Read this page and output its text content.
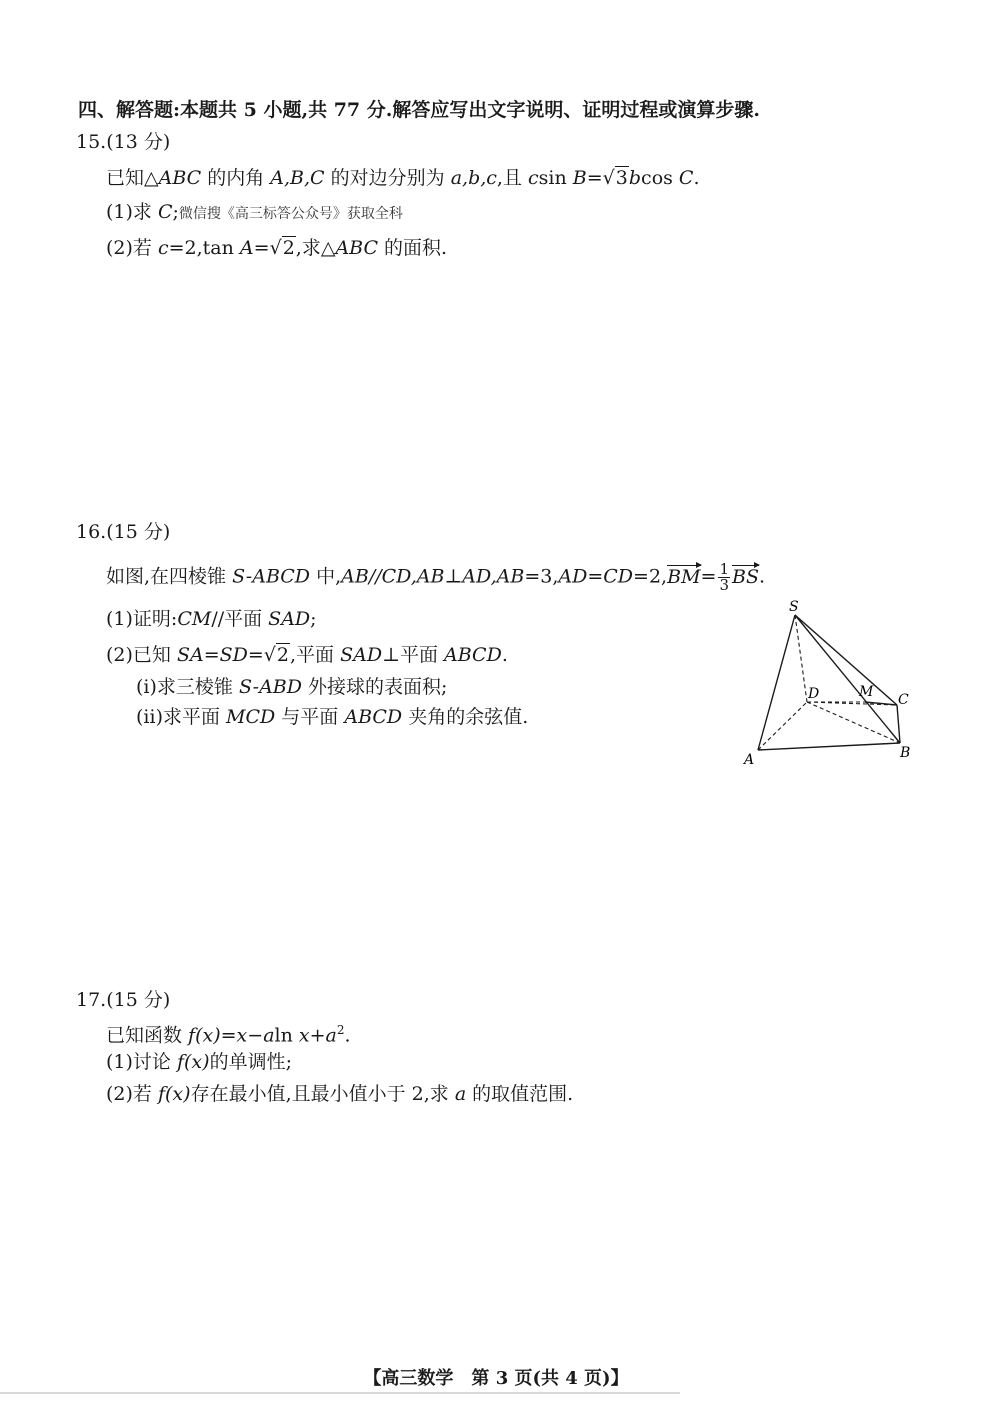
四、解答题:本题共 5 小题,共 77 分.解答应写出文字说明、证明过程或演算步骤.
15.(13 分)
已知△ABC 的内角 A,B,C 的对边分别为 a,b,c,且 csin B=√3bcos C.
(1)求 C;微信搜《高三标答公众号》获取全科
(2)若 c=2,tan A=√2,求△ABC 的面积.
16.(15 分)
如图,在四棱锥 S-ABCD 中,AB//CD,AB⊥AD,AB=3,AD=CD=2,BM= $\frac{1}{3}$ BS.
(1)证明:CM//平面 SAD;
(2)已知 SA=SD=√2,平面 SAD⊥平面 ABCD.
(ⅰ)求三棱锥 S-ABD 外接球的表面积;
(ⅱ)求平面 MCD 与平面 ABCD 夹角的余弦值.
S
A	B
C
D	M
17.(15 分)
已知函数 f(x)=x−aln $x+a^2$.
(1)讨论 f(x)的单调性;
(2)若 f(x)存在最小值,且最小值小于 2,求 a 的取值范围.
【高三数学　第 3 页(共 4 页)】
